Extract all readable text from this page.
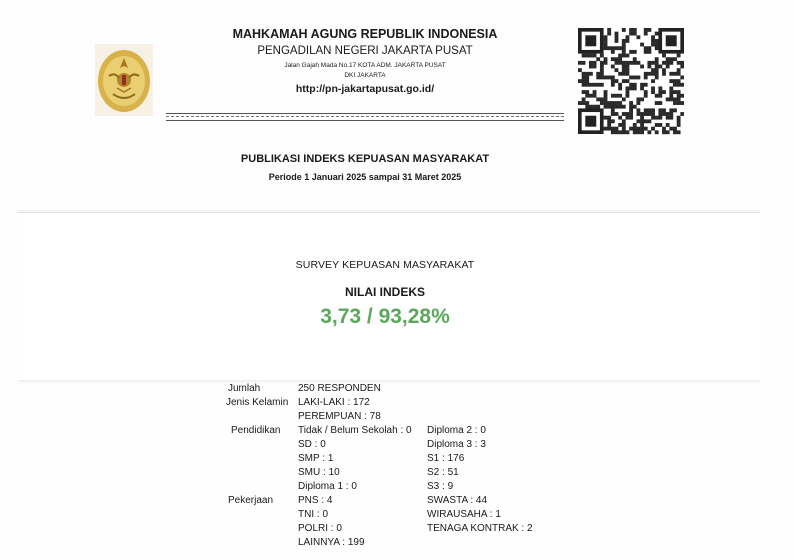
MAHKAMAH AGUNG REPUBLIK INDONESIA
PENGADILAN NEGERI JAKARTA PUSAT
Jalan Gajah Mada No.17 KOTA ADM. JAKARTA PUSAT
DKI JAKARTA
http://pn-jakartapusat.go.id/
PUBLIKASI INDEKS KEPUASAN MASYARAKAT
Periode 1 Januari 2025 sampai 31 Maret 2025
SURVEY KEPUASAN MASYARAKAT
NILAI INDEKS
3,73 / 93,28%
Jumlah	250 RESPONDEN
Jenis Kelamin LAKI-LAKI : 172
PEREMPUAN : 78
Pendidikan Tidak / Belum Sekolah : 0
SD : 0
SMP : 1
SMU : 10
Diploma 1 : 0
Diploma 2 : 0
Diploma 3 : 3
S1 : 176
S2 : 51
S3 : 9
Pekerjaan PNS : 4
TNI : 0
POLRI : 0
LAINNYA : 199
SWASTA : 44
WIRAUSAHA : 1
TENAGA KONTRAK : 2
